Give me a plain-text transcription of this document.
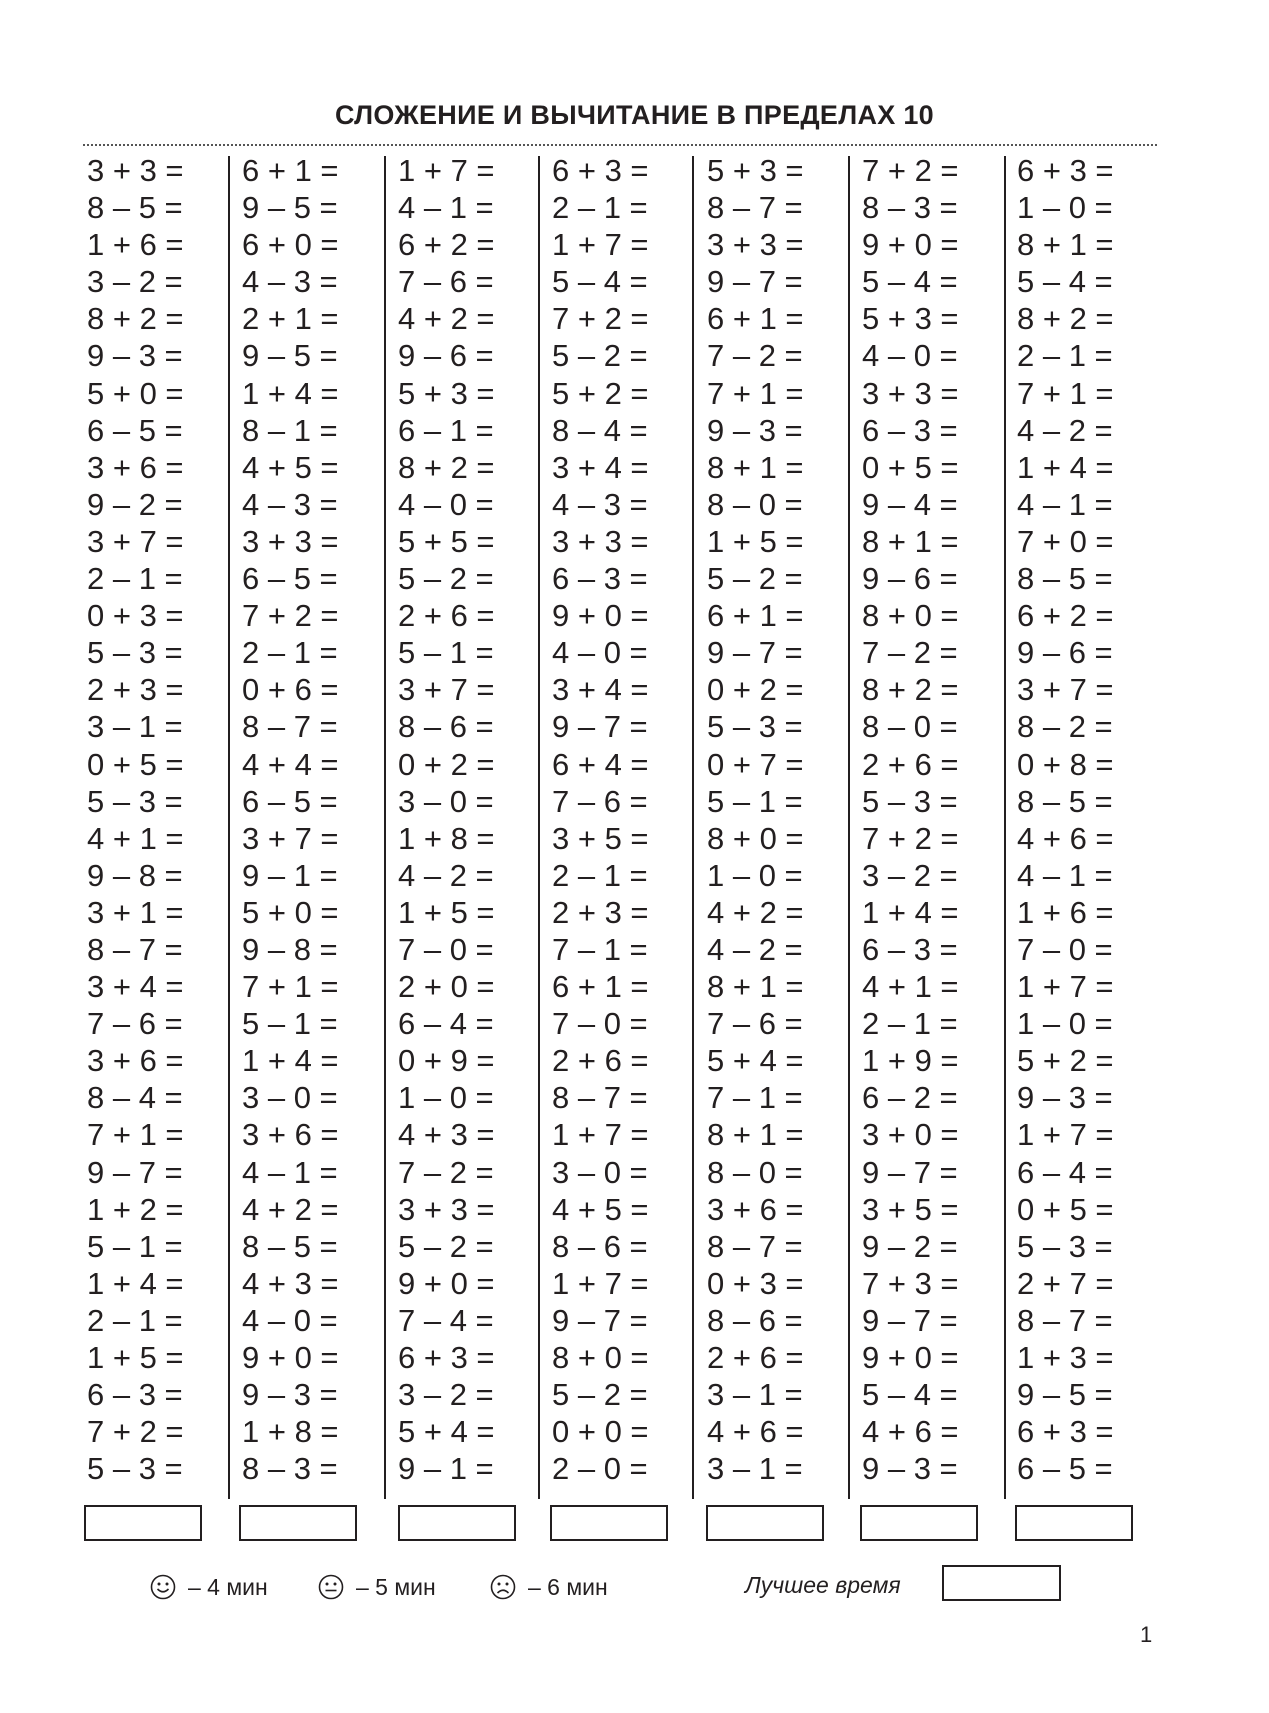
СЛОЖЕНИЕ И ВЫЧИТАНИЕ В ПРЕДЕЛАХ 10
3 + 3 =
8 – 5 =
1 + 6 =
3 – 2 =
8 + 2 =
9 – 3 =
5 + 0 =
6 – 5 =
3 + 6 =
9 – 2 =
3 + 7 =
2 – 1 =
0 + 3 =
5 – 3 =
2 + 3 =
3 – 1 =
0 + 5 =
5 – 3 =
4 + 1 =
9 – 8 =
3 + 1 =
8 – 7 =
3 + 4 =
7 – 6 =
3 + 6 =
8 – 4 =
7 + 1 =
9 – 7 =
1 + 2 =
5 – 1 =
1 + 4 =
2 – 1 =
1 + 5 =
6 – 3 =
7 + 2 =
5 – 3 =
6 + 1 =
9 – 5 =
6 + 0 =
4 – 3 =
2 + 1 =
9 – 5 =
1 + 4 =
8 – 1 =
4 + 5 =
4 – 3 =
3 + 3 =
6 – 5 =
7 + 2 =
2 – 1 =
0 + 6 =
8 – 7 =
4 + 4 =
6 – 5 =
3 + 7 =
9 – 1 =
5 + 0 =
9 – 8 =
7 + 1 =
5 – 1 =
1 + 4 =
3 – 0 =
3 + 6 =
4 – 1 =
4 + 2 =
8 – 5 =
4 + 3 =
4 – 0 =
9 + 0 =
9 – 3 =
1 + 8 =
8 – 3 =
1 + 7 =
4 – 1 =
6 + 2 =
7 – 6 =
4 + 2 =
9 – 6 =
5 + 3 =
6 – 1 =
8 + 2 =
4 – 0 =
5 + 5 =
5 – 2 =
2 + 6 =
5 – 1 =
3 + 7 =
8 – 6 =
0 + 2 =
3 – 0 =
1 + 8 =
4 – 2 =
1 + 5 =
7 – 0 =
2 + 0 =
6 – 4 =
0 + 9 =
1 – 0 =
4 + 3 =
7 – 2 =
3 + 3 =
5 – 2 =
9 + 0 =
7 – 4 =
6 + 3 =
3 – 2 =
5 + 4 =
9 – 1 =
6 + 3 =
2 – 1 =
1 + 7 =
5 – 4 =
7 + 2 =
5 – 2 =
5 + 2 =
8 – 4 =
3 + 4 =
4 – 3 =
3 + 3 =
6 – 3 =
9 + 0 =
4 – 0 =
3 + 4 =
9 – 7 =
6 + 4 =
7 – 6 =
3 + 5 =
2 – 1 =
2 + 3 =
7 – 1 =
6 + 1 =
7 – 0 =
2 + 6 =
8 – 7 =
1 + 7 =
3 – 0 =
4 + 5 =
8 – 6 =
1 + 7 =
9 – 7 =
8 + 0 =
5 – 2 =
0 + 0 =
2 – 0 =
5 + 3 =
8 – 7 =
3 + 3 =
9 – 7 =
6 + 1 =
7 – 2 =
7 + 1 =
9 – 3 =
8 + 1 =
8 – 0 =
1 + 5 =
5 – 2 =
6 + 1 =
9 – 7 =
0 + 2 =
5 – 3 =
0 + 7 =
5 – 1 =
8 + 0 =
1 – 0 =
4 + 2 =
4 – 2 =
8 + 1 =
7 – 6 =
5 + 4 =
7 – 1 =
8 + 1 =
8 – 0 =
3 + 6 =
8 – 7 =
0 + 3 =
8 – 6 =
2 + 6 =
3 – 1 =
4 + 6 =
3 – 1 =
7 + 2 =
8 – 3 =
9 + 0 =
5 – 4 =
5 + 3 =
4 – 0 =
3 + 3 =
6 – 3 =
0 + 5 =
9 – 4 =
8 + 1 =
9 – 6 =
8 + 0 =
7 – 2 =
8 + 2 =
8 – 0 =
2 + 6 =
5 – 3 =
7 + 2 =
3 – 2 =
1 + 4 =
6 – 3 =
4 + 1 =
2 – 1 =
1 + 9 =
6 – 2 =
3 + 0 =
9 – 7 =
3 + 5 =
9 – 2 =
7 + 3 =
9 – 7 =
9 + 0 =
5 – 4 =
4 + 6 =
9 – 3 =
6 + 3 =
1 – 0 =
8 + 1 =
5 – 4 =
8 + 2 =
2 – 1 =
7 + 1 =
4 – 2 =
1 + 4 =
4 – 1 =
7 + 0 =
8 – 5 =
6 + 2 =
9 – 6 =
3 + 7 =
8 – 2 =
0 + 8 =
8 – 5 =
4 + 6 =
4 – 1 =
1 + 6 =
7 – 0 =
1 + 7 =
1 – 0 =
5 + 2 =
9 – 3 =
1 + 7 =
6 – 4 =
0 + 5 =
5 – 3 =
2 + 7 =
8 – 7 =
1 + 3 =
9 – 5 =
6 + 3 =
6 – 5 =
– 4 мин	– 5 мин	– 6 мин	Лучшее время
1
